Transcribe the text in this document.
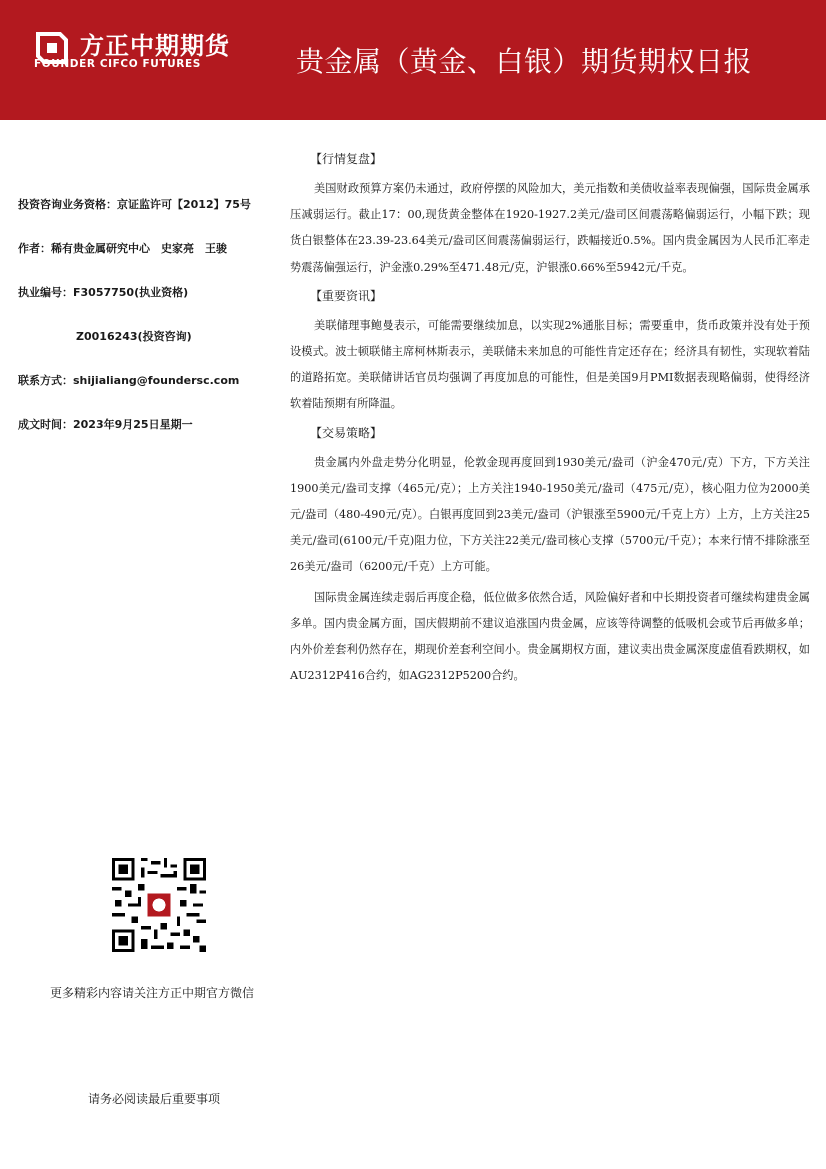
方正中期期货
FOUNDER CIFCO FUTURES	贵金属（黄金、白银）期货期权日报
投资咨询业务资格：京证监许可【2012】75号
作者：稀有贵金属研究中心　史家亮　王骏
执业编号：F3057750(执业资格)
Z0016243(投资咨询)
联系方式：shijialiang@foundersc.com
成文时间：2023年9月25日星期一
更多精彩内容请关注方正中期官方微信
请务必阅读最后重要事项
【行情复盘】

美国财政预算方案仍未通过，政府停摆的风险加大，美元指数和美债收益率表现偏强，国际贵金属承压减弱运行。截止17：00,现货黄金整体在1920-1927.2美元/盎司区间震荡略偏弱运行，小幅下跌；现货白银整体在23.39-23.64美元/盎司区间震荡偏弱运行，跌幅接近0.5%。国内贵金属因为人民币汇率走势震荡偏强运行，沪金涨0.29%至471.48元/克，沪银涨0.66%至5942元/千克。

【重要资讯】

美联储理事鲍曼表示，可能需要继续加息，以实现2%通胀目标；需要重申，货币政策并没有处于预设模式。波士顿联储主席柯林斯表示，美联储未来加息的可能性肯定还存在；经济具有韧性，实现软着陆的道路拓宽。美联储讲话官员均强调了再度加息的可能性，但是美国9月PMI数据表现略偏弱，使得经济软着陆预期有所降温。

【交易策略】

贵金属内外盘走势分化明显，伦敦金现再度回到1930美元/盎司（沪金470元/克）下方，下方关注1900美元/盎司支撑（465元/克）；上方关注1940-1950美元/盎司（475元/克），核心阻力位为2000美元/盎司（480-490元/克）。白银再度回到23美元/盎司（沪银涨至5900元/千克上方）上方，上方关注25美元/盎司(6100元/千克)阻力位，下方关注22美元/盎司核心支撑（5700元/千克）；本来行情不排除涨至26美元/盎司（6200元/千克）上方可能。

国际贵金属连续走弱后再度企稳，低位做多依然合适，风险偏好者和中长期投资者可继续构建贵金属多单。国内贵金属方面，国庆假期前不建议追涨国内贵金属，应该等待调整的低吸机会或节后再做多单；内外价差套利仍然存在，期现价差套利空间小。贵金属期权方面，建议卖出贵金属深度虚值看跌期权，如AU2312P416合约，如AG2312P5200合约。
